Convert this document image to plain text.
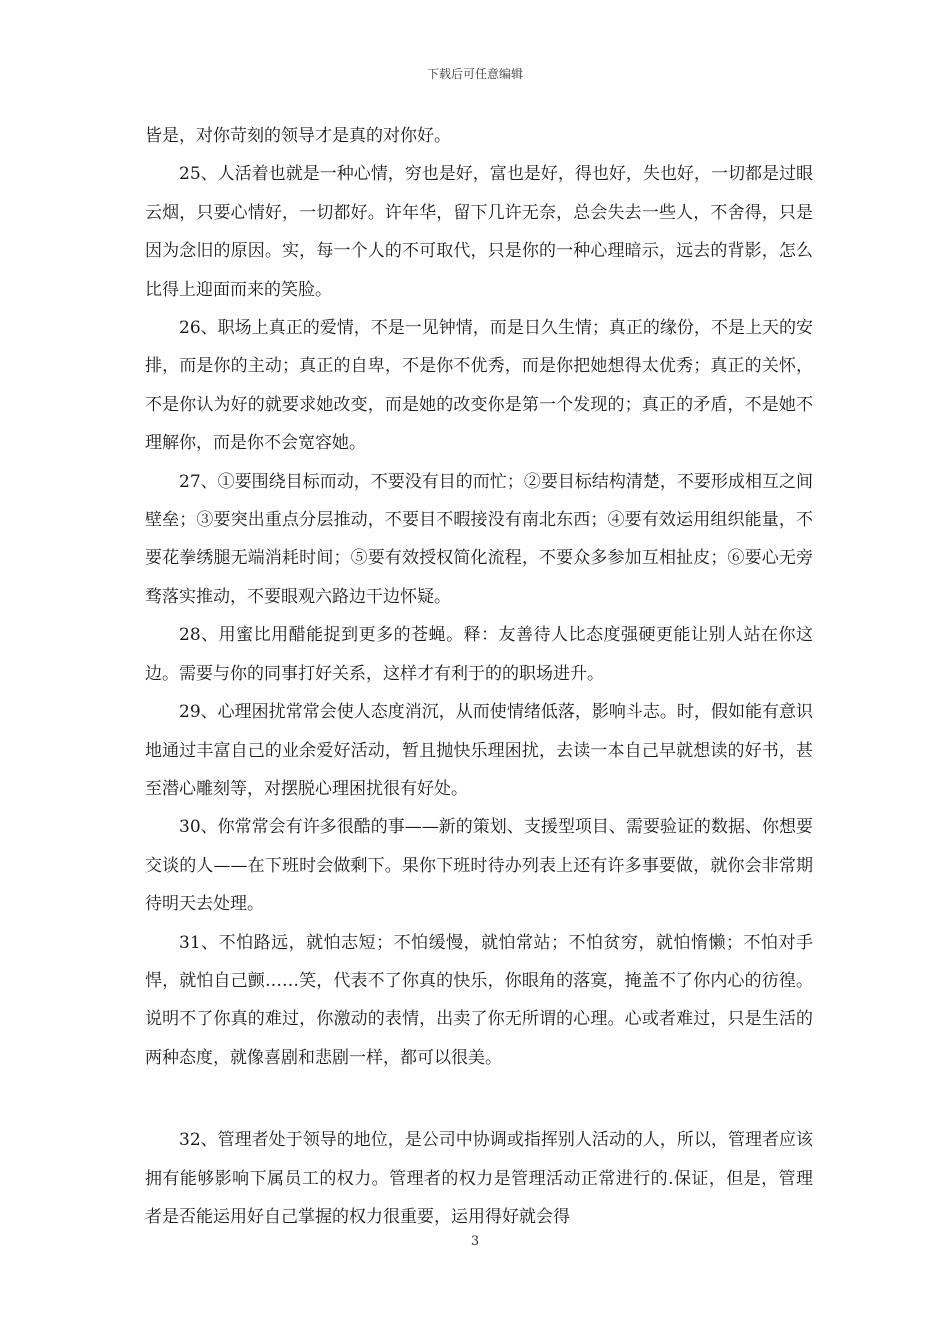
下载后可任意编辑

皆是，对你苛刻的领导才是真的对你好。

25、人活着也就是一种心情，穷也是好，富也是好，得也好，失也好，一切都是过眼云烟，只要心情好，一切都好。许年华，留下几许无奈，总会失去一些人，不舍得，只是因为念旧的原因。实，每一个人的不可取代，只是你的一种心理暗示，远去的背影，怎么比得上迎面而来的笑脸。

26、职场上真正的爱情，不是一见钟情，而是日久生情；真正的缘份，不是上天的安排，而是你的主动；真正的自卑，不是你不优秀，而是你把她想得太优秀；真正的关怀，不是你认为好的就要求她改变，而是她的改变你是第一个发现的；真正的矛盾，不是她不理解你，而是你不会宽容她。

27、①要围绕目标而动，不要没有目的而忙；②要目标结构清楚，不要形成相互之间壁垒；③要突出重点分层推动，不要目不暇接没有南北东西；④要有效运用组织能量，不要花拳绣腿无端消耗时间；⑤要有效授权简化流程，不要众多参加互相扯皮；⑥要心无旁骛落实推动，不要眼观六路边干边怀疑。

28、用蜜比用醋能捉到更多的苍蝇。释：友善待人比态度强硬更能让别人站在你这边。需要与你的同事打好关系，这样才有利于的的职场进升。

29、心理困扰常常会使人态度消沉，从而使情绪低落，影响斗志。时，假如能有意识地通过丰富自己的业余爱好活动，暂且抛快乐理困扰，去读一本自己早就想读的好书，甚至潜心雕刻等，对摆脱心理困扰很有好处。

30、你常常会有许多很酷的事——新的策划、支援型项目、需要验证的数据、你想要交谈的人——在下班时会做剩下。果你下班时待办列表上还有许多事要做，就你会非常期待明天去处理。

31、不怕路远，就怕志短；不怕缓慢，就怕常站；不怕贫穷，就怕惰懒；不怕对手悍，就怕自己颤……笑，代表不了你真的快乐，你眼角的落寞，掩盖不了你内心的彷徨。说明不了你真的难过，你激动的表情，出卖了你无所谓的心理。心或者难过，只是生活的两种态度，就像喜剧和悲剧一样，都可以很美。

32、管理者处于领导的地位，是公司中协调或指挥别人活动的人，所以，管理者应该拥有能够影响下属员工的权力。管理者的权力是管理活动正常进行的.保证，但是，管理者是否能运用好自己掌握的权力很重要，运用得好就会得

3
